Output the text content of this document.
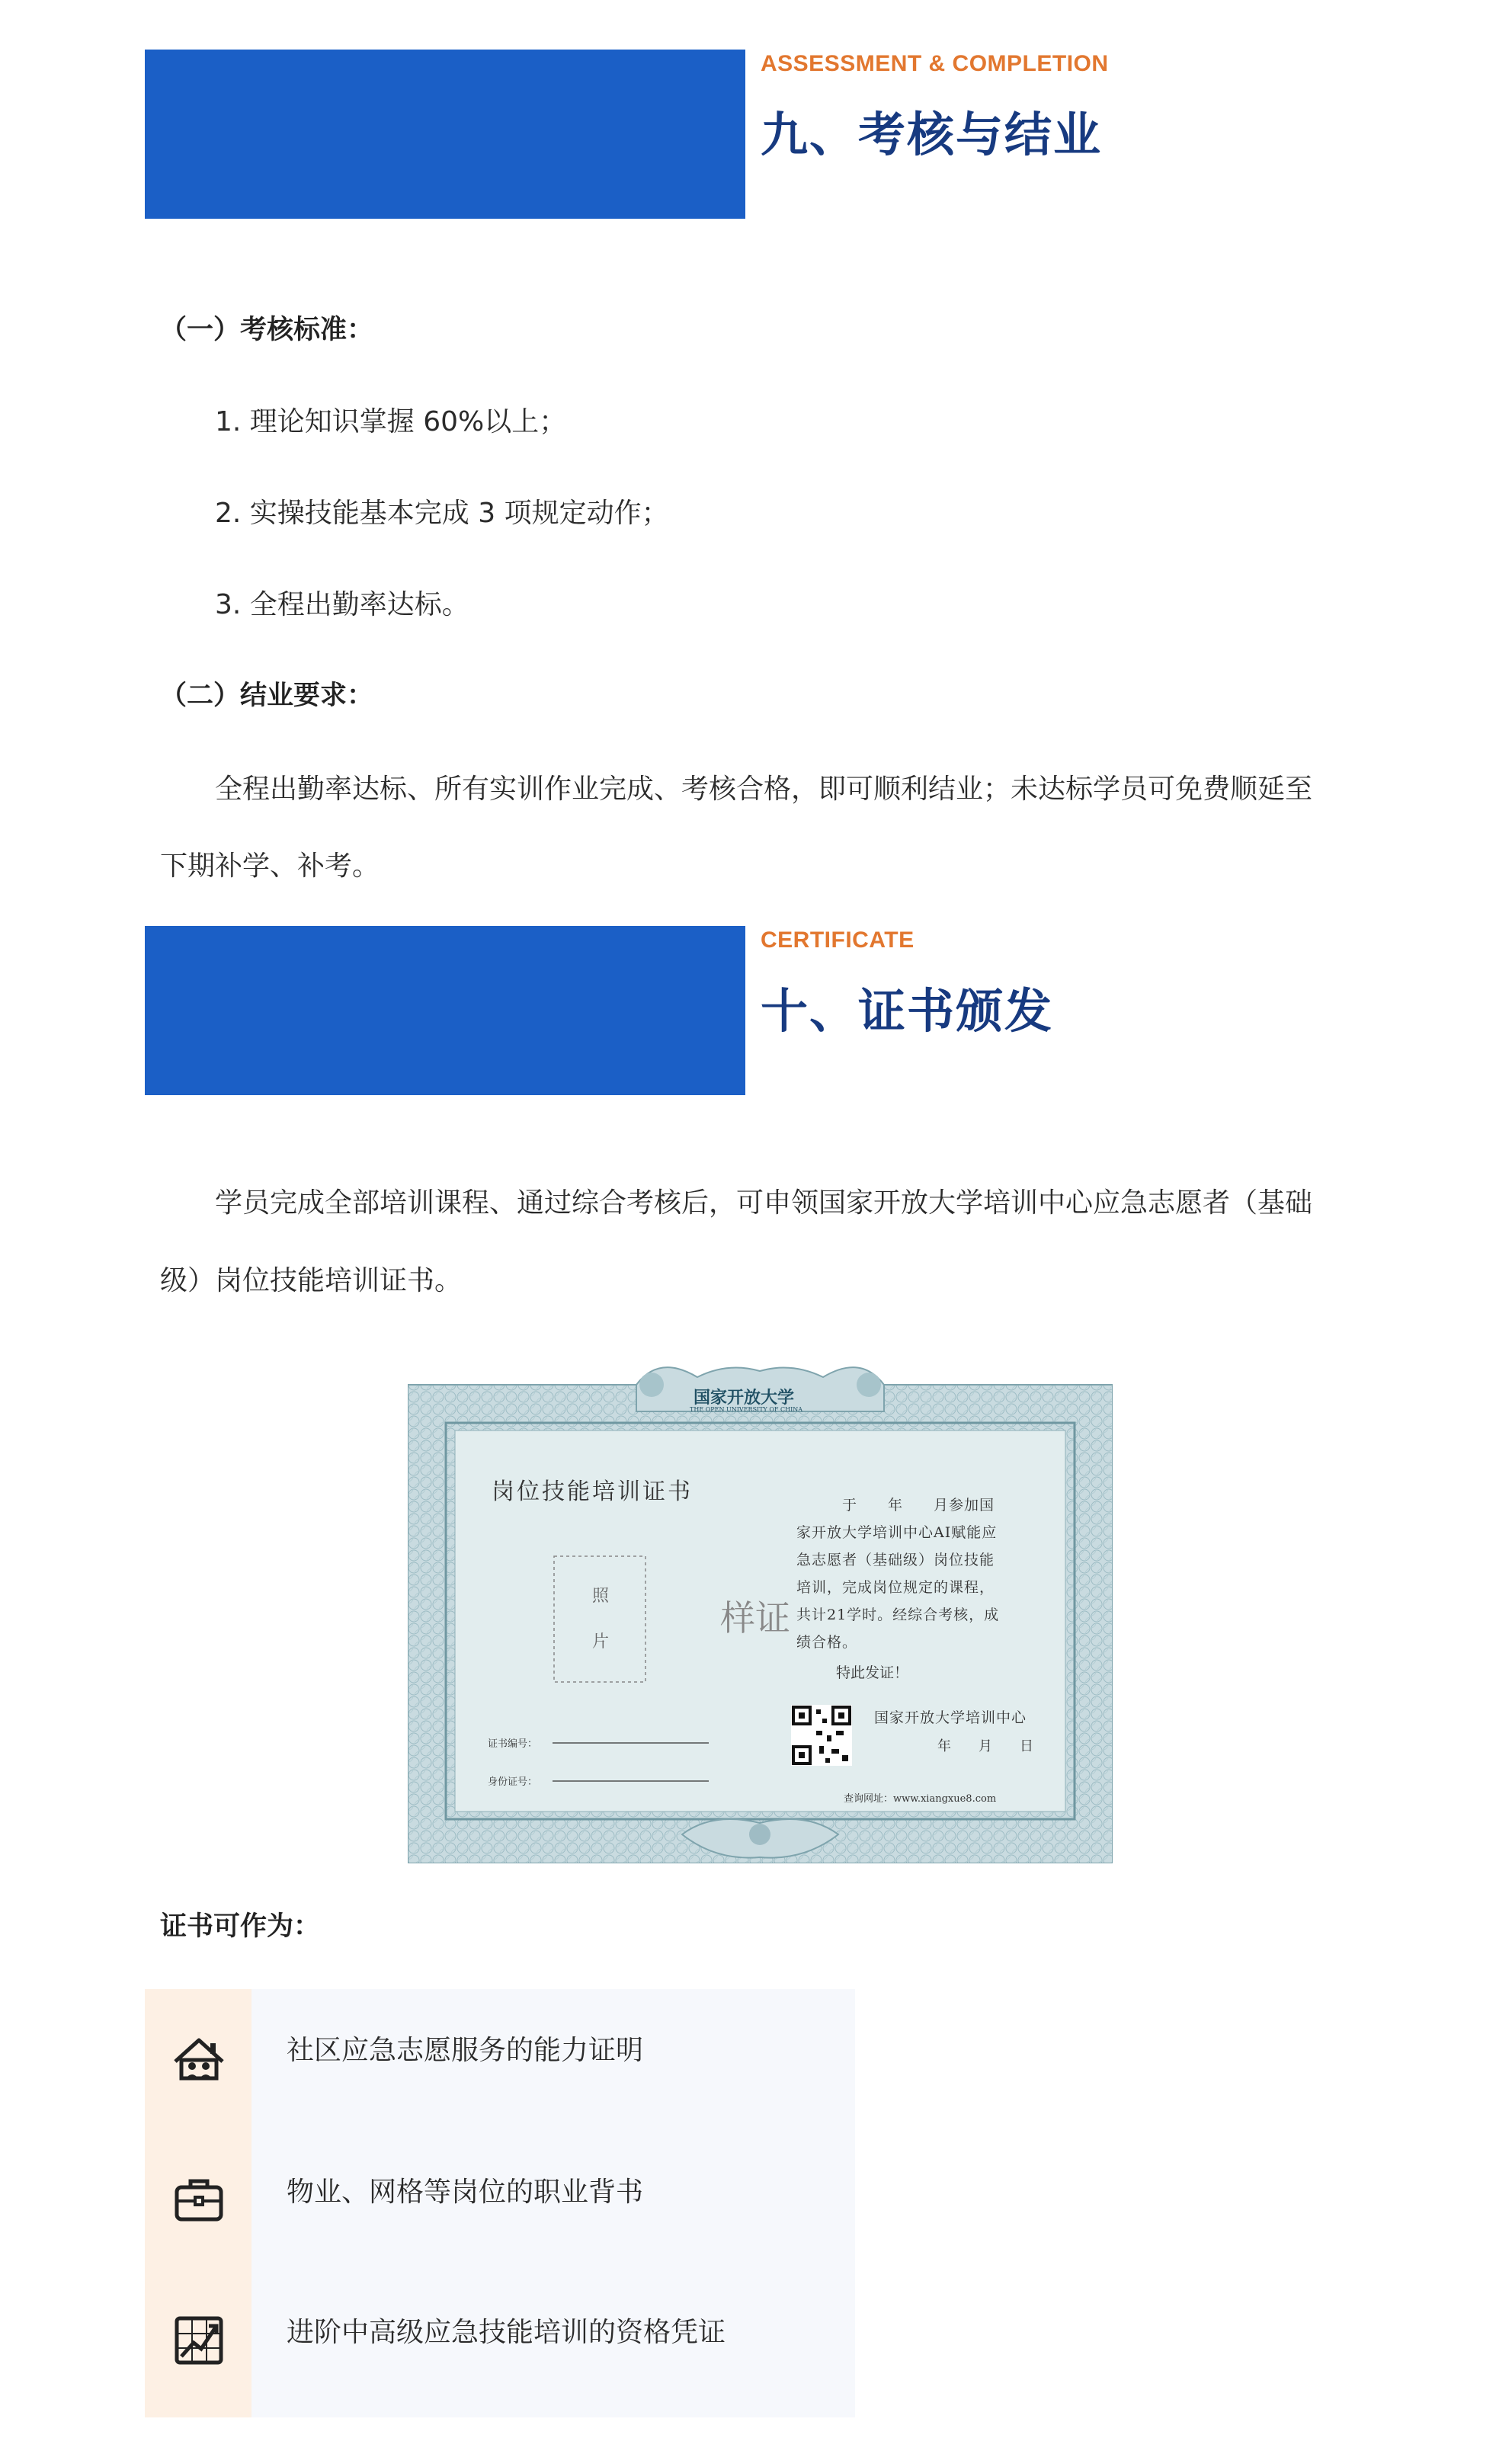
ASSESSMENT & COMPLETION
九、考核与结业
（一）考核标准：
1. 理论知识掌握 60%以上；
2. 实操技能基本完成 3 项规定动作；
3. 全程出勤率达标。
（二）结业要求：
全程出勤率达标、所有实训作业完成、考核合格，即可顺利结业；未达标学员可免费顺延至
下期补学、补考。
CERTIFICATE
十、证书颁发
学员完成全部培训课程、通过综合考核后，可申领国家开放大学培训中心应急志愿者（基础
级）岗位技能培训证书。
国家开放大学
THE OPEN UNIVERSITY OF CHINA
岗位技能培训证书
照
片
样证
于　　年　　月参加国
家开放大学培训中心AI赋能应
急志愿者（基础级）岗位技能
培训，完成岗位规定的课程，
共计21学时。经综合考核，成
绩合格。
特此发证！
国家开放大学培训中心
年　　月　　日
证书编号：
身份证号：
查询网址：www.xiangxue8.com
证书可作为：
社区应急志愿服务的能力证明
物业、网格等岗位的职业背书
进阶中高级应急技能培训的资格凭证
